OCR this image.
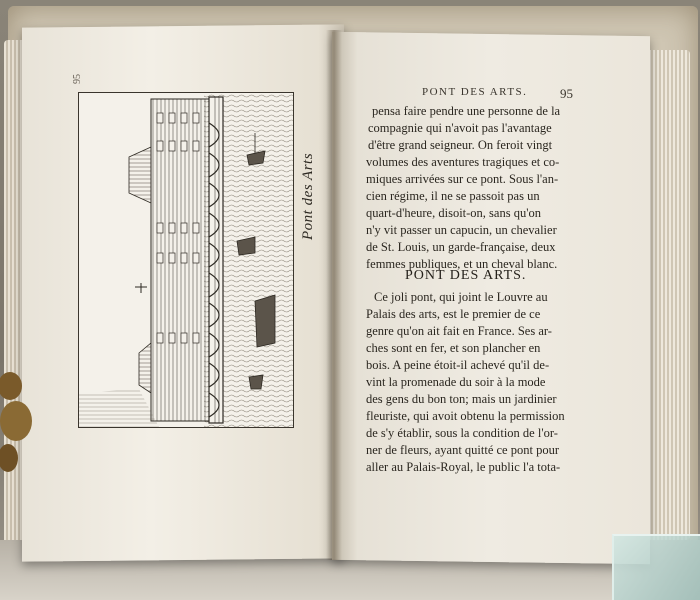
95
Pont des Arts
PONT DES ARTS.	95
pensa faire pendre une personne de la
compagnie qui n'avoit pas l'avantage
d'être grand seigneur. On feroit vingt
volumes des aventures tragiques et co-
miques arrivées sur ce pont. Sous l'an-
cien régime, il ne se passoit pas un
quart-d'heure, disoit-on, sans qu'on
n'y vit passer un capucin, un chevalier
de St. Louis, un garde-française, deux
femmes publiques, et un cheval blanc.
PONT DES ARTS.
Ce joli pont, qui joint le Louvre au
Palais des arts, est le premier de ce
genre qu'on ait fait en France. Ses ar-
ches sont en fer, et son plancher en
bois. A peine étoit-il achevé qu'il de-
vint la promenade du soir à la mode
des gens du bon ton; mais un jardinier
fleuriste, qui avoit obtenu la permission
de s'y établir, sous la condition de l'or-
ner de fleurs, ayant quitté ce pont pour
aller au Palais-Royal, le public l'a tota-
